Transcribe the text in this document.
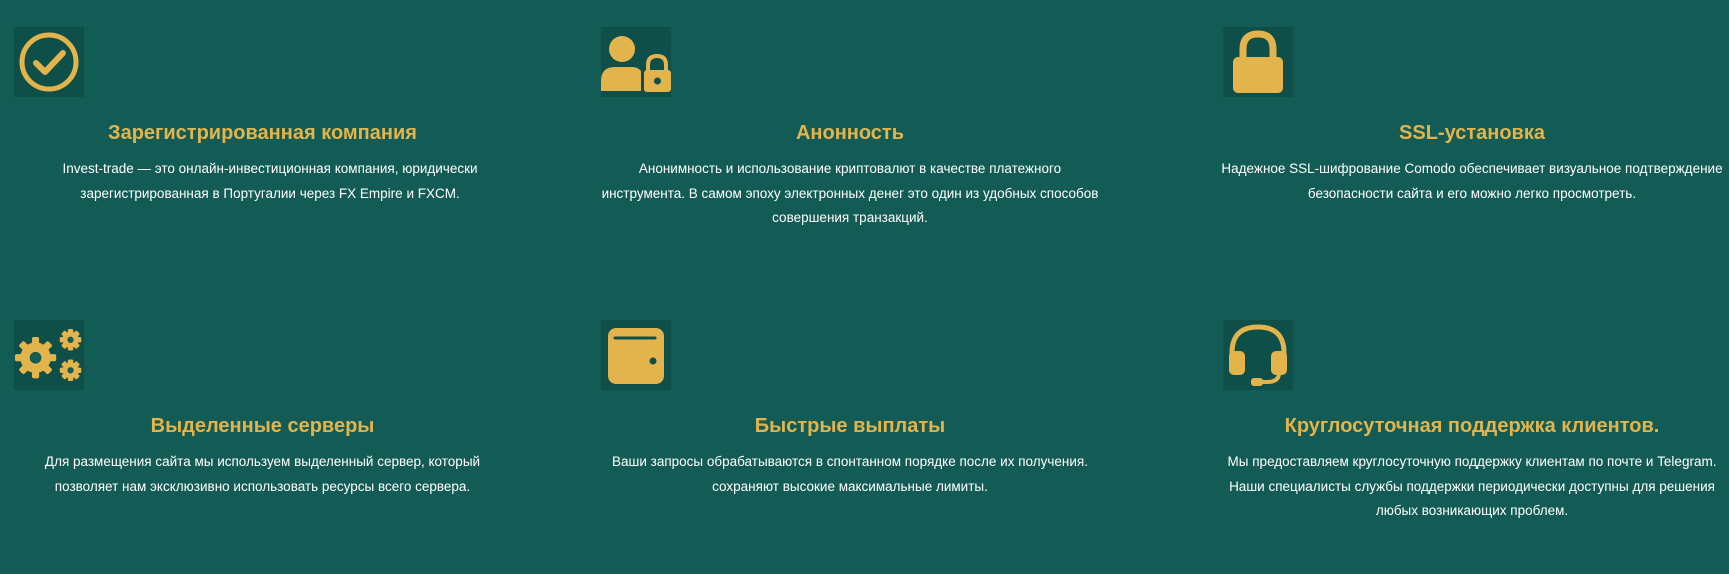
Зарегистрированная компания

Invest-trade — это онлайн-инвестиционная компания, юридически зарегистрированная в Португалии через FX Empire и FXCM.

Анонность

Анонимность и использование криптовалют в качестве платежного инструмента. В самом эпоху электронных денег это один из удобных способов совершения транзакций.

SSL-установка

Надежное SSL-шифрование Comodo обеспечивает визуальное подтверждение безопасности сайта и его можно легко просмотреть.

Выделенные серверы

Для размещения сайта мы используем выделенный сервер, который позволяет нам эксклюзивно использовать ресурсы всего сервера.

Быстрые выплаты

Ваши запросы обрабатываются в спонтанном порядке после их получения. сохраняют высокие максимальные лимиты.

Круглосуточная поддержка клиентов.

Мы предоставляем круглосуточную поддержку клиентам по почте и Telegram. Наши специалисты службы поддержки периодически доступны для решения любых возникающих проблем.
